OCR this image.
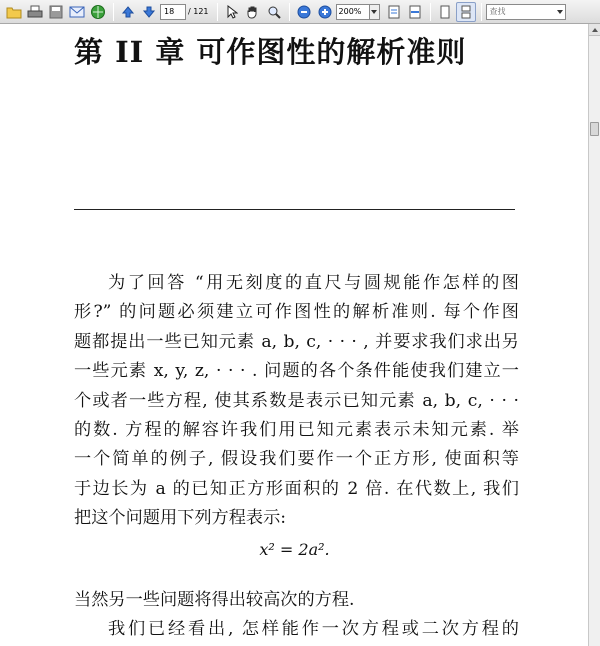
18	/ 121	200%	查找
第 II 章 可作图性的解析准则
为了回答 “用无刻度的直尺与圆规能作怎样的图
形?” 的问题必须建立可作图性的解析准则. 每个作图
题都提出一些已知元素 a, b, c, · · · , 并要求我们求出另
一些元素 x, y, z, · · · . 问题的各个条件能使我们建立一
个或者一些方程, 使其系数是表示已知元素 a, b, c, · · ·
的数. 方程的解容许我们用已知元素表示未知元素. 举
一个简单的例子, 假设我们要作一个正方形, 使面积等
于边长为 a 的已知正方形面积的 2 倍. 在代数上, 我们
把这个问题用下列方程表示:
x² = 2a².
当然另一些问题将得出较高次的方程.
我们已经看出, 怎样能作一次方程或二次方程的
